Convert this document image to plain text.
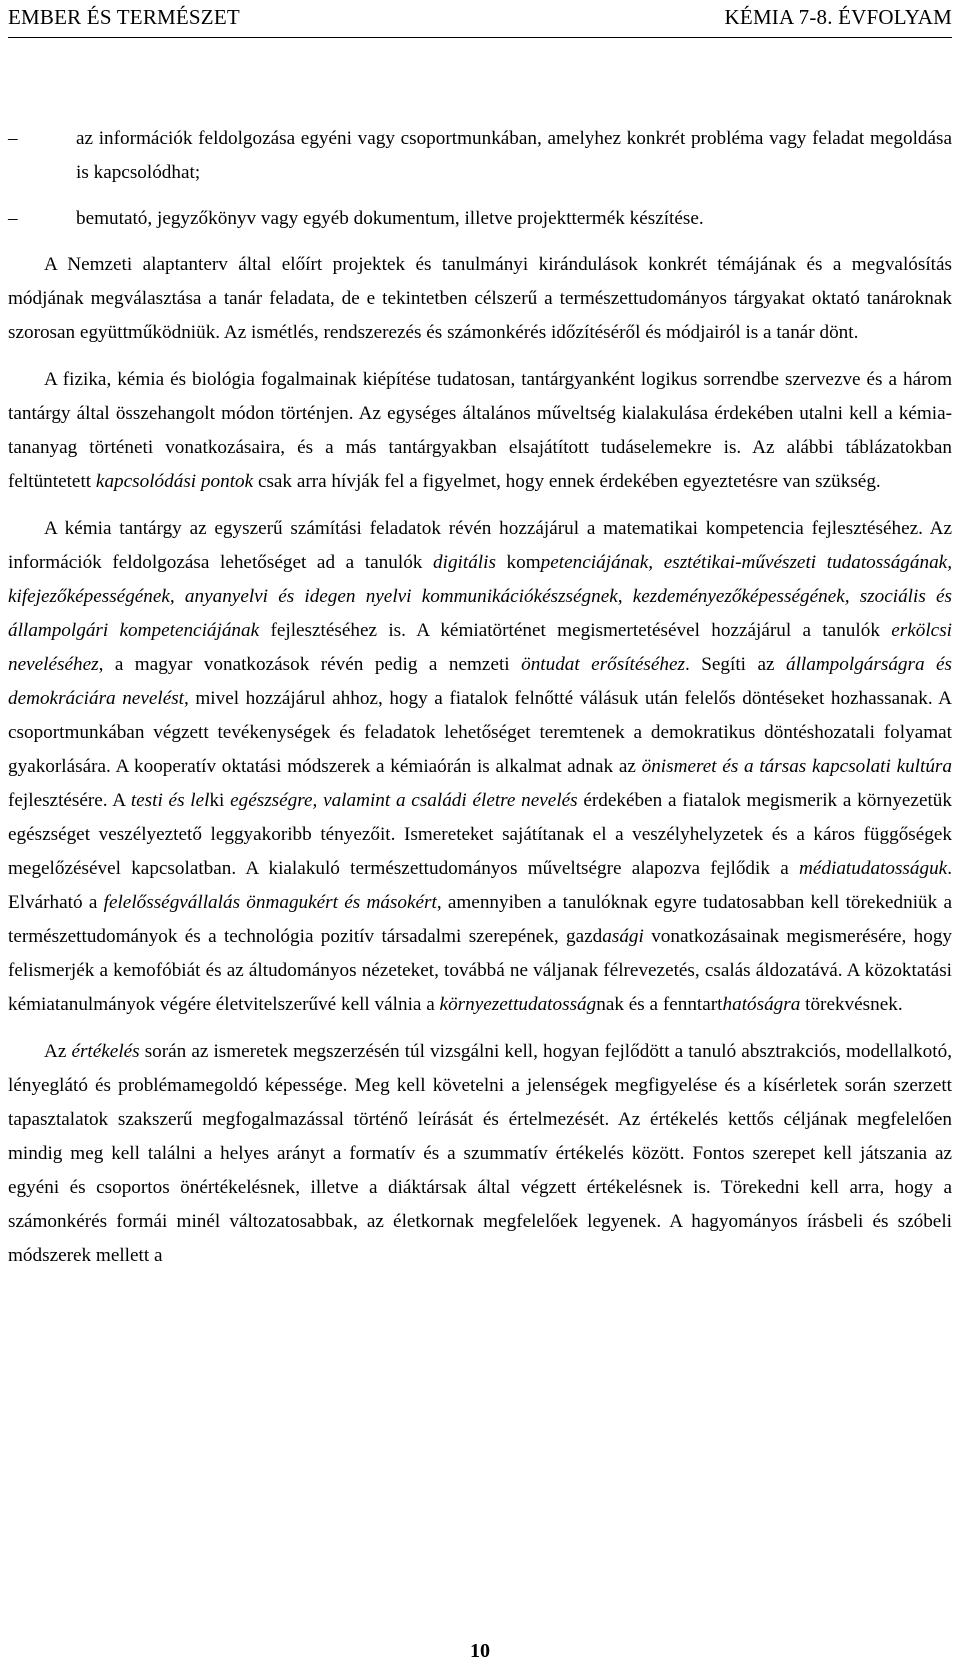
EMBER ÉS TERMÉSZET	KÉMIA 7-8. ÉVFOLYAM
–	az információk feldolgozása egyéni vagy csoportmunkában, amelyhez konkrét probléma vagy feladat megoldása is kapcsolódhat;
–	bemutató, jegyzőkönyv vagy egyéb dokumentum, illetve projekttermék készítése.

A Nemzeti alaptanterv által előírt projektek és tanulmányi kirándulások konkrét témájának és a megvalósítás módjának megválasztása a tanár feladata, de e tekintetben célszerű a természettudományos tárgyakat oktató tanároknak szorosan együttműködniük. Az ismétlés, rendszerezés és számonkérés időzítéséről és módjairól is a tanár dönt.

A fizika, kémia és biológia fogalmainak kiépítése tudatosan, tantárgyanként logikus sorrendbe szervezve és a három tantárgy által összehangolt módon történjen. Az egységes általános műveltség kialakulása érdekében utalni kell a kémia-tananyag történeti vonatkozásaira, és a más tantárgyakban elsajátított tudáselemekre is. Az alábbi táblázatokban feltüntetett kapcsolódási pontok csak arra hívják fel a figyelmet, hogy ennek érdekében egyeztetésre van szükség.

A kémia tantárgy az egyszerű számítási feladatok révén hozzájárul a matematikai kompetencia fejlesztéséhez. Az információk feldolgozása lehetőséget ad a tanulók digitális kompetenciájának, esztétikai-művészeti tudatosságának, kifejezőképességének, anyanyelvi és idegen nyelvi kommunikációkészségnek, kezdeményezőképességének, szociális és állampolgári kompetenciájának fejlesztéséhez is. A kémiatörténet megismertetésével hozzájárul a tanulók erkölcsi neveléséhez, a magyar vonatkozások révén pedig a nemzeti öntudat erősítéséhez. Segíti az állampolgárságra és demokráciára nevelést, mivel hozzájárul ahhoz, hogy a fiatalok felnőtté válásuk után felelős döntéseket hozhassanak. A csoportmunkában végzett tevékenységek és feladatok lehetőséget teremtenek a demokratikus döntéshozatali folyamat gyakorlására. A kooperatív oktatási módszerek a kémiaórán is alkalmat adnak az önismeret és a társas kapcsolati kultúra fejlesztésére. A testi és lelki egészségre, valamint a családi életre nevelés érdekében a fiatalok megismerik a környezetük egészséget veszélyeztető leggyakoribb tényezőit. Ismereteket sajátítanak el a veszélyhelyzetek és a káros függőségek megelőzésével kapcsolatban. A kialakuló természettudományos műveltségre alapozva fejlődik a médiatudatosságuk. Elvárható a felelősségvállalás önmagukért és másokért, amennyiben a tanulóknak egyre tudatosabban kell törekedniük a természettudományok és a technológia pozitív társadalmi szerepének, gazdasági vonatkozásainak megismerésére, hogy felismerjék a kemofóbiát és az áltudományos nézeteket, továbbá ne váljanak félrevezetés, csalás áldozatává. A közoktatási kémiatanulmányok végére életvitelszerűvé kell válnia a környezettudatosságnak és a fenntarthatóságra törekvésnek.

Az értékelés során az ismeretek megszerzésén túl vizsgálni kell, hogyan fejlődött a tanuló absztrakciós, modellalkotó, lényeglátó és problémamegoldó képessége. Meg kell követelni a jelenségek megfigyelése és a kísérletek során szerzett tapasztalatok szakszerű megfogalmazással történő leírását és értelmezését. Az értékelés kettős céljának megfelelően mindig meg kell találni a helyes arányt a formatív és a szummatív értékelés között. Fontos szerepet kell játszania az egyéni és csoportos önértékelésnek, illetve a diáktársak által végzett értékelésnek is. Törekedni kell arra, hogy a számonkérés formái minél változatosabbak, az életkornak megfelelőek legyenek. A hagyományos írásbeli és szóbeli módszerek mellett a

10
